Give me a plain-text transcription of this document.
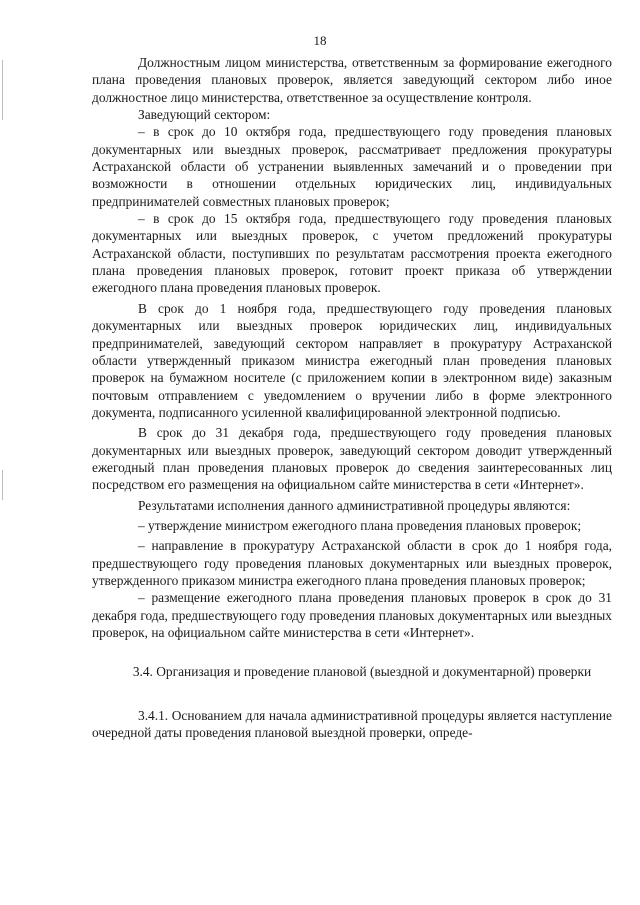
18

Должностным лицом министерства, ответственным за формирование ежегодного плана проведения плановых проверок, является заведующий сектором либо иное должностное лицо министерства, ответственное за осуществление контроля.

Заведующий сектором:

– в срок до 10 октября года, предшествующего году проведения плановых документарных или выездных проверок, рассматривает предложения прокуратуры Астраханской области об устранении выявленных замечаний и о проведении при возможности в отношении отдельных юридических лиц, индивидуальных предпринимателей совместных плановых проверок;

– в срок до 15 октября года, предшествующего году проведения плановых документарных или выездных проверок, с учетом предложений прокуратуры Астраханской области, поступивших по результатам рассмотрения проекта ежегодного плана проведения плановых проверок, готовит проект приказа об утверждении ежегодного плана проведения плановых проверок.

В срок до 1 ноября года, предшествующего году проведения плановых документарных или выездных проверок юридических лиц, индивидуальных предпринимателей, заведующий сектором направляет в прокуратуру Астраханской области утвержденный приказом министра ежегодный план проведения плановых проверок на бумажном носителе (с приложением копии в электронном виде) заказным почтовым отправлением с уведомлением о вручении либо в форме электронного документа, подписанного усиленной квалифицированной электронной подписью.

В срок до 31 декабря года, предшествующего году проведения плановых документарных или выездных проверок, заведующий сектором доводит утвержденный ежегодный план проведения плановых проверок до сведения заинтересованных лиц посредством его размещения на официальном сайте министерства в сети «Интернет».

Результатами исполнения данного административной процедуры являются:

– утверждение министром ежегодного плана проведения плановых проверок;

– направление в прокуратуру Астраханской области в срок до 1 ноября года, предшествующего году проведения плановых документарных или выездных проверок, утвержденного приказом министра ежегодного плана проведения плановых проверок;

– размещение ежегодного плана проведения плановых проверок в срок до 31 декабря года, предшествующего году проведения плановых документарных или выездных проверок, на официальном сайте министерства в сети «Интернет».

3.4. Организация и проведение плановой (выездной и документарной) проверки

3.4.1. Основанием для начала административной процедуры является наступление очередной даты проведения плановой выездной проверки, опреде-
